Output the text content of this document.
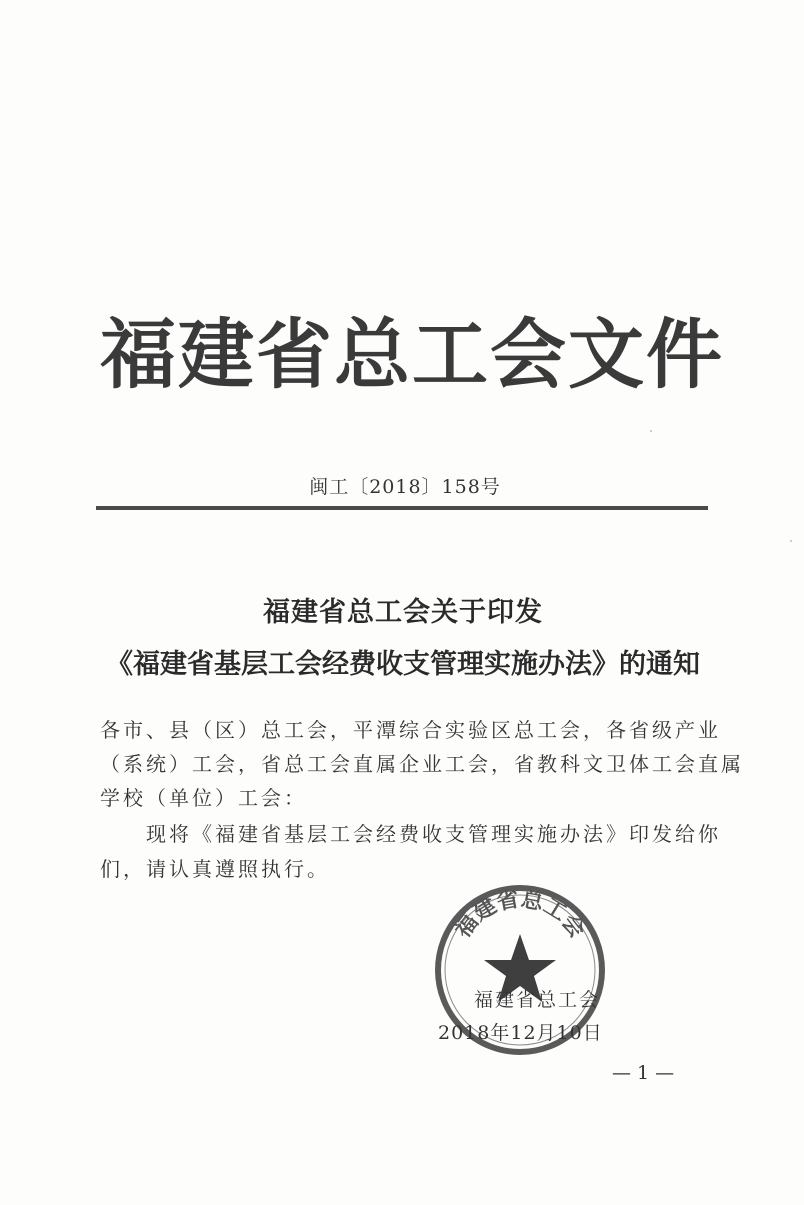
福建省总工会文件
闽工〔2018〕158号
福建省总工会关于印发
《福建省基层工会经费收支管理实施办法》的通知
各市、县（区）总工会，平潭综合实验区总工会，各省级产业
（系统）工会，省总工会直属企业工会，省教科文卫体工会直属
学校（单位）工会：
　　现将《福建省基层工会经费收支管理实施办法》印发给你
们，请认真遵照执行。
福建省总工会
福建省总工会
2018年12月10日
— 1 —
